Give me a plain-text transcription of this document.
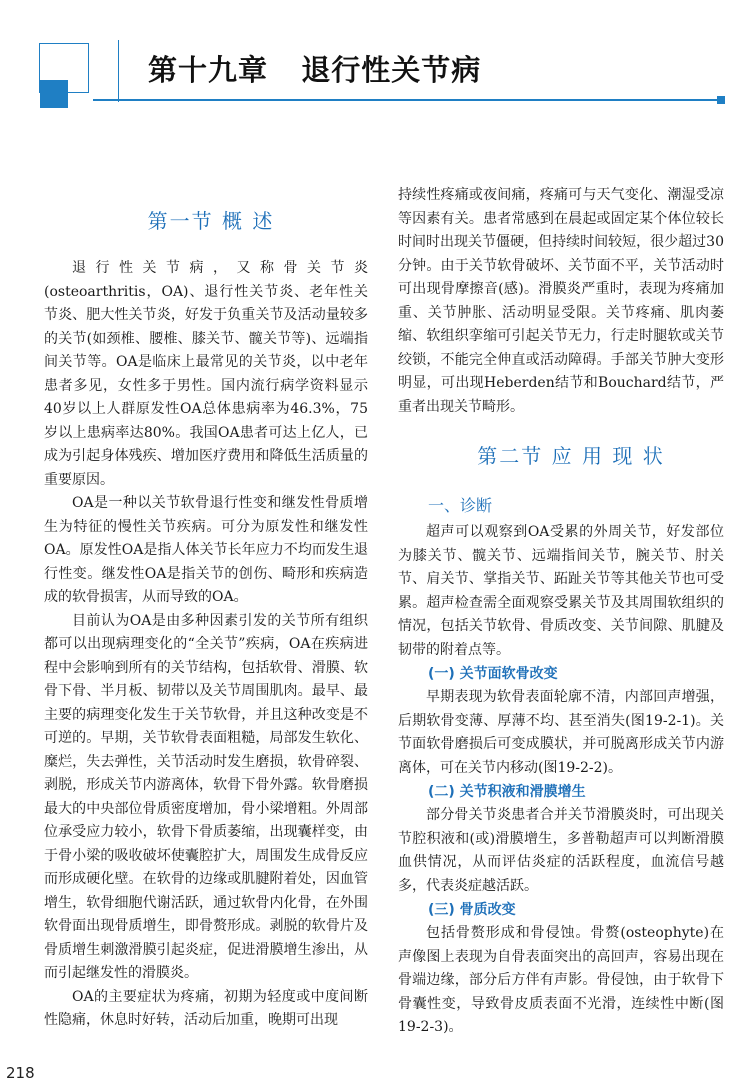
第十九章   退行性关节病
第一节 概 述

退行性关节病，又称骨关节炎(osteoarthritis，OA)、退行性关节炎、老年性关节炎、肥大性关节炎，好发于负重关节及活动量较多的关节(如颈椎、腰椎、膝关节、髋关节等)、远端指间关节等。OA是临床上最常见的关节炎，以中老年患者多见，女性多于男性。国内流行病学资料显示40岁以上人群原发性OA总体患病率为46.3%，75岁以上患病率达80%。我国OA患者可达上亿人，已成为引起身体残疾、增加医疗费用和降低生活质量的重要原因。

OA是一种以关节软骨退行性变和继发性骨质增生为特征的慢性关节疾病。可分为原发性和继发性OA。原发性OA是指人体关节长年应力不均而发生退行性变。继发性OA是指关节的创伤、畸形和疾病造成的软骨损害，从而导致的OA。

目前认为OA是由多种因素引发的关节所有组织都可以出现病理变化的“全关节”疾病，OA在疾病进程中会影响到所有的关节结构，包括软骨、滑膜、软骨下骨、半月板、韧带以及关节周围肌肉。最早、最主要的病理变化发生于关节软骨，并且这种改变是不可逆的。早期，关节软骨表面粗糙，局部发生软化、糜烂，失去弹性，关节活动时发生磨损，软骨碎裂、剥脱，形成关节内游离体，软骨下骨外露。软骨磨损最大的中央部位骨质密度增加，骨小梁增粗。外周部位承受应力较小，软骨下骨质萎缩，出现囊样变，由于骨小梁的吸收破坏使囊腔扩大，周围发生成骨反应而形成硬化壁。在软骨的边缘或肌腱附着处，因血管增生，软骨细胞代谢活跃，通过软骨内化骨，在外围软骨面出现骨质增生，即骨赘形成。剥脱的软骨片及骨质增生刺激滑膜引起炎症，促进滑膜增生渗出，从而引起继发性的滑膜炎。

OA的主要症状为疼痛，初期为轻度或中度间断性隐痛，休息时好转，活动后加重，晚期可出现

持续性疼痛或夜间痛，疼痛可与天气变化、潮湿受凉等因素有关。患者常感到在晨起或固定某个体位较长时间时出现关节僵硬，但持续时间较短，很少超过30分钟。由于关节软骨破坏、关节面不平，关节活动时可出现骨摩擦音(感)。滑膜炎严重时，表现为疼痛加重、关节肿胀、活动明显受限。关节疼痛、肌肉萎缩、软组织挛缩可引起关节无力，行走时腿软或关节绞锁，不能完全伸直或活动障碍。手部关节肿大变形明显，可出现Heberden结节和Bouchard结节，严重者出现关节畸形。

第二节 应 用 现 状
一、诊断

超声可以观察到OA受累的外周关节，好发部位为膝关节、髋关节、远端指间关节，腕关节、肘关节、肩关节、掌指关节、跖趾关节等其他关节也可受累。超声检查需全面观察受累关节及其周围软组织的情况，包括关节软骨、骨质改变、关节间隙、肌腱及韧带的附着点等。

(一) 关节面软骨改变

早期表现为软骨表面轮廓不清，内部回声增强，后期软骨变薄、厚薄不均、甚至消失(图19-2-1)。关节面软骨磨损后可变成膜状，并可脱离形成关节内游离体，可在关节内移动(图19-2-2)。

(二) 关节积液和滑膜增生

部分骨关节炎患者合并关节滑膜炎时，可出现关节腔积液和(或)滑膜增生，多普勒超声可以判断滑膜血供情况，从而评估炎症的活跃程度，血流信号越多，代表炎症越活跃。

(三) 骨质改变

包括骨赘形成和骨侵蚀。骨赘(osteophyte)在声像图上表现为自骨表面突出的高回声，容易出现在骨端边缘，部分后方伴有声影。骨侵蚀，由于软骨下骨囊性变，导致骨皮质表面不光滑，连续性中断(图19-2-3)。

218
